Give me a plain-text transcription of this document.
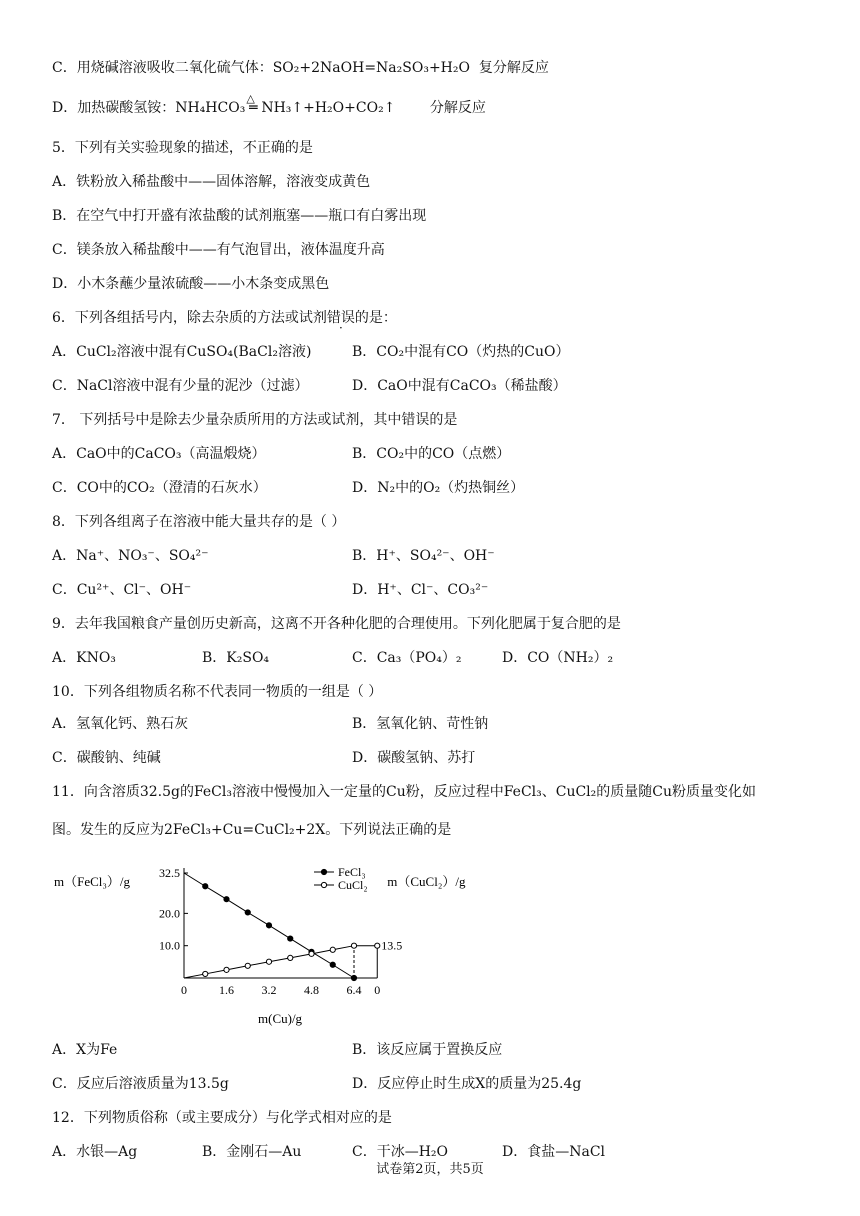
C．用烧碱溶液吸收二氧化硫气体：SO₂+2NaOH=Na₂SO₃+H₂O 复分解反应
D．加热碳酸氢铵：NH₄HCO₃
△
═ NH₃↑+H₂O+CO₂↑ 分解反应
5．下列有关实验现象的描述，不正确的是
A．铁粉放入稀盐酸中——固体溶解，溶液变成黄色
B．在空气中打开盛有浓盐酸的试剂瓶塞——瓶口有白雾出现
C．镁条放入稀盐酸中——有气泡冒出，液体温度升高
D．小木条蘸少量浓硫酸——小木条变成黑色
6．下列各组括号内，除去杂质的方法或试剂错误的是：
A．CuCl₂溶液中混有CuSO₄(BaCl₂溶液)	B．CO₂中混有CO（灼热的CuO）
C．NaCl溶液中混有少量的泥沙（过滤）	D．CaO中混有CaCO₃（稀盐酸）
7． 下列括号中是除去少量杂质所用的方法或试剂，其中错误的是
A．CaO中的CaCO₃（高温煅烧）	B．CO₂中的CO（点燃）
C．CO中的CO₂（澄清的石灰水）	D．N₂中的O₂（灼热铜丝）
8．下列各组离子在溶液中能大量共存的是（ ）
A．Na⁺、NO₃⁻、SO₄²⁻	B．H⁺、SO₄²⁻、OH⁻
C．Cu²⁺、Cl⁻、OH⁻	D．H⁺、Cl⁻、CO₃²⁻
9．去年我国粮食产量创历史新高，这离不开各种化肥的合理使用。下列化肥属于复合肥的是
A．KNO₃	B．K₂SO₄	C．Ca₃（PO₄）₂	D．CO（NH₂）₂
10．下列各组物质名称不代表同一物质的一组是（ ）
A．氢氧化钙、熟石灰	B．氢氧化钠、苛性钠
C．碳酸钠、纯碱	D．碳酸氢钠、苏打
11．向含溶质32.5g的FeCl₃溶液中慢慢加入一定量的Cu粉，反应过程中FeCl₃、CuCl₂的质量随Cu粉质量变化如
图。发生的反应为2FeCl₃+Cu=CuCl₂+2X。下列说法正确的是
m（FeCl₃）/g	m（CuCl₂）/g
m(Cu)/g
32.5
20.0
10.0	13.5
0	1.6 3.2 4.8 6.4 0
FeCl₃
CuCl₂
A．X为Fe	B．该反应属于置换反应
C．反应后溶液质量为13.5g	D．反应停止时生成X的质量为25.4g
12．下列物质俗称（或主要成分）与化学式相对应的是
A．水银—Ag	B．金刚石—Au	C．干冰—H₂O	D．食盐—NaCl
试卷第2页，共5页
